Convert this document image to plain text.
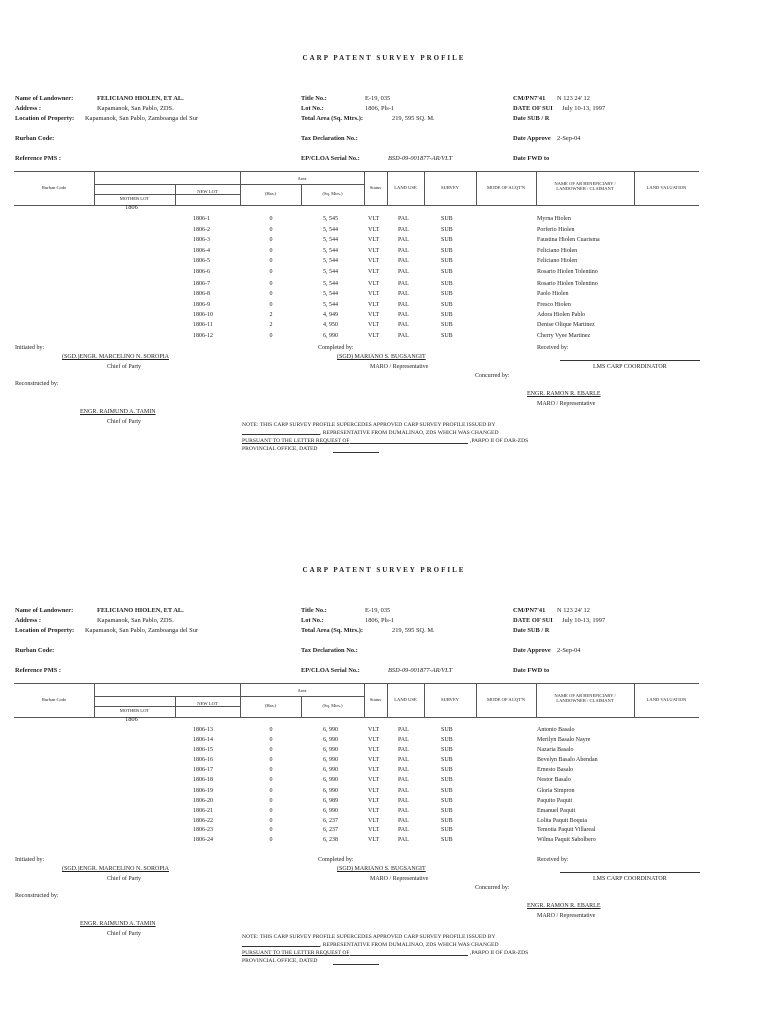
CARP PATENT SURVEY PROFILE
Name of Landowner:	FELICIANO HIOLEN, ET AL.
Address :	Kapamanok, San Pablo, ZDS.
Location of Property: Kapamanok, San Pablo, Zamboanga del Sur
Title No.:	E-19, 035
Lot No.:	1806, Pls-1
Total Area (Sq. Mtrs.):	219, 595 SQ. M.
CM/PN7'41 N 123 24' 12
DATE OF SUI July 10-13, 1997
Date SUB / R
Rurban Code:	Tax Declaration No.:	Date Approve 2-Sep-04
Reference PMS :	EP/CLOA Serial No.:	BSD-09-001877-AR/VLT	Date FWD to
Rurban Code
MOTHER LOT
NEW LOT
Area
(Has.)	(Sq. Mtrs.)
Status	LAND USE	SURVEY	MODE OF ACQT'N
NAME OF AR BENEFICIARY /
LANDOWNER / CLAIMANT	LAND VALUATION
1806
1806-1	0	5, 545	VLT	PAL	SUB	Myrna Hiolen
1806-2	0	5, 544	VLT	PAL	SUB	Porferio Hiolen
1806-3	0	5, 544	VLT	PAL	SUB	Faustina Hiolen Cuarisma
1806-4	0	5, 544	VLT	PAL	SUB	Feliciano Hiolen
1806-5	0	5, 544	VLT	PAL	SUB	Feliciano Hiolen
1806-6	0	5, 544	VLT	PAL	SUB	Rosario Hiolen Tolentino
1806-7	0	5, 544	VLT	PAL	SUB	Rosario Hiolen Tolentino
1806-8	0	5, 544	VLT	PAL	SUB	Paolo Hiolen
1806-9	0	5, 544	VLT	PAL	SUB	Fresco Hiolen
1806-10	2	4, 949	VLT	PAL	SUB	Adora Hiolen Pablo
1806-11	2	4, 950	VLT	PAL	SUB	Denise Olique Martinez
1806-12	0	6, 990	VLT	PAL	SUB	Cherry Vyee Martinez
Initiated by:
(SGD.)ENGR. MARCELINO N. SOROPIA
Chief of Party
Completed by:
(SGD) MARIANO S. BUGSANGIT
MARO / Representative
Received by:
LMS CARP COORDINATOR
Concurred by:
ENGR. RAMON R. EBARLE
MARO / Representative
Reconstructed by:
ENGR. RAIMUND A. TAMIN
Chief of Party	NOTE: THIS CARP SURVEY PROFILE SUPERCEDES APPROVED CARP SURVEY PROFILE ISSUED BY
, REPRESENTATIVE FROM DUMALINAO, ZDS WHICH WAS CHANGED
PURSUANT TO THE LETTER REQUEST OF	,PARPO II OF DAR-ZDS
PROVINCIAL OFFICE, DATED
CARP PATENT SURVEY PROFILE
Name of Landowner:	FELICIANO HIOLEN, ET AL.
Address :	Kapamanok, San Pablo, ZDS.
Location of Property: Kapamanok, San Pablo, Zamboanga del Sur
Title No.:	E-19, 035
Lot No.:	1806, Pls-1
Total Area (Sq. Mtrs.):	219, 595 SQ. M.
CM/PN7'41 N 123 24' 12
DATE OF SUI July 10-13, 1997
Date SUB / R
Rurban Code:	Tax Declaration No.:	Date Approve 2-Sep-04
Reference PMS :	EP/CLOA Serial No.:	BSD-09-001877-AR/VLT	Date FWD to
Rurban Code
MOTHER LOT
NEW LOT
Area
(Has.)	(Sq. Mtrs.)
Status	LAND USE	SURVEY	MODE OF ACQT'N
NAME OF AR BENEFICIARY /
LANDOWNER / CLAIMANT	LAND VALUATION
1806
1806-13	0	6, 990	VLT	PAL	SUB	Antonio Basalo
1806-14	0	6, 990	VLT	PAL	SUB	Merilyn Basalo Nayre
1806-15	0	6, 990	VLT	PAL	SUB	Nazaria Basalo
1806-16	0	6, 990	VLT	PAL	SUB	Bevelyn Basalo Abendan
1806-17	0	6, 990	VLT	PAL	SUB	Ernesto Basalo
1806-18	0	6, 990	VLT	PAL	SUB	Nestor Basalo
1806-19	0	6, 990	VLT	PAL	SUB	Gloria Simpron
1806-20	0	6, 989	VLT	PAL	SUB	Paquito Paquit
1806-21	0	6, 990	VLT	PAL	SUB	Emanuel Paquit
1806-22	0	6, 237	VLT	PAL	SUB	Lolita Paquit Boquia
1806-23	0	6, 237	VLT	PAL	SUB	Temotia Paquit Villareal
1806-24	0	6, 238	VLT	PAL	SUB	Wilma Paquit Sabolbero
Initiated by:
(SGD.)ENGR. MARCELINO N. SOROPIA
Chief of Party
Completed by:
(SGD) MARIANO S. BUGSANGIT
MARO / Representative
Received by:
LMS CARP COORDINATOR
Concurred by:
ENGR. RAMON R. EBARLE
MARO / Representative
Reconstructed by:
ENGR. RAIMUND A. TAMIN
Chief of Party	NOTE: THIS CARP SURVEY PROFILE SUPERCEDES APPROVED CARP SURVEY PROFILE ISSUED BY
, REPRESENTATIVE FROM DUMALINAO, ZDS WHICH WAS CHANGED
PURSUANT TO THE LETTER REQUEST OF	,PARPO II OF DAR-ZDS
PROVINCIAL OFFICE, DATED
